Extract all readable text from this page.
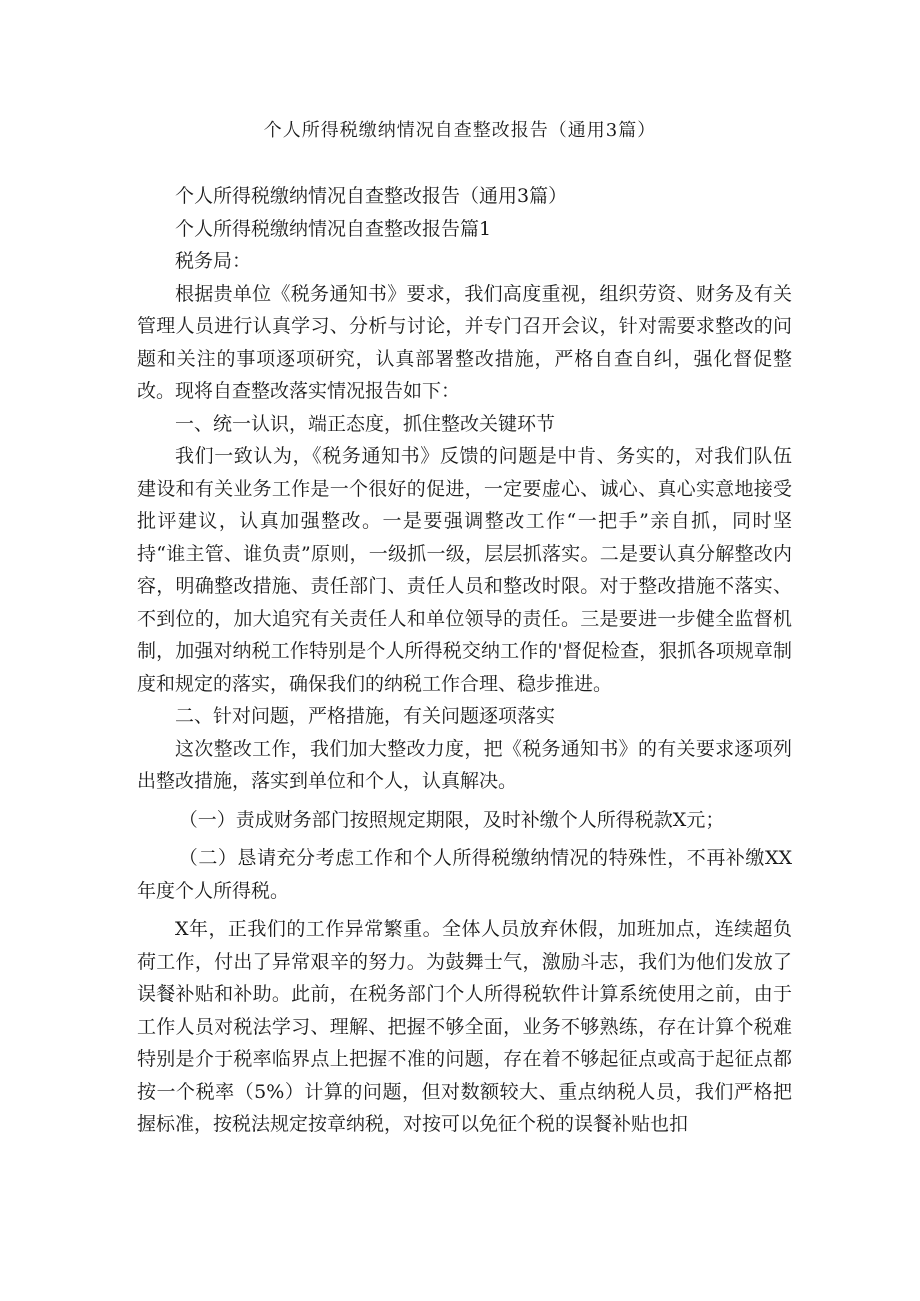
个人所得税缴纳情况自查整改报告（通用3篇）

个人所得税缴纳情况自查整改报告（通用3篇）

个人所得税缴纳情况自查整改报告篇1

税务局：

根据贵单位《税务通知书》要求，我们高度重视，组织劳资、财务及有关管理人员进行认真学习、分析与讨论，并专门召开会议，针对需要求整改的问题和关注的事项逐项研究，认真部署整改措施，严格自查自纠，强化督促整改。现将自查整改落实情况报告如下：

一、统一认识，端正态度，抓住整改关键环节

我们一致认为，《税务通知书》反馈的问题是中肯、务实的，对我们队伍建设和有关业务工作是一个很好的促进，一定要虚心、诚心、真心实意地接受批评建议，认真加强整改。一是要强调整改工作“一把手”亲自抓，同时坚持“谁主管、谁负责”原则，一级抓一级，层层抓落实。二是要认真分解整改内容，明确整改措施、责任部门、责任人员和整改时限。对于整改措施不落实、不到位的，加大追究有关责任人和单位领导的责任。三是要进一步健全监督机制，加强对纳税工作特别是个人所得税交纳工作的'督促检查，狠抓各项规章制度和规定的落实，确保我们的纳税工作合理、稳步推进。

二、针对问题，严格措施，有关问题逐项落实

这次整改工作，我们加大整改力度，把《税务通知书》的有关要求逐项列出整改措施，落实到单位和个人，认真解决。

（一）责成财务部门按照规定期限，及时补缴个人所得税款X元；

（二）恳请充分考虑工作和个人所得税缴纳情况的特殊性，不再补缴XX年度个人所得税。

X年，正我们的工作异常繁重。全体人员放弃休假，加班加点，连续超负荷工作，付出了异常艰辛的努力。为鼓舞士气，激励斗志，我们为他们发放了误餐补贴和补助。此前，在税务部门个人所得税软件计算系统使用之前，由于工作人员对税法学习、理解、把握不够全面，业务不够熟练，存在计算个税难特别是介于税率临界点上把握不准的问题，存在着不够起征点或高于起征点都按一个税率（5%）计算的问题，但对数额较大、重点纳税人员，我们严格把握标准，按税法规定按章纳税，对按可以免征个税的误餐补贴也扣
